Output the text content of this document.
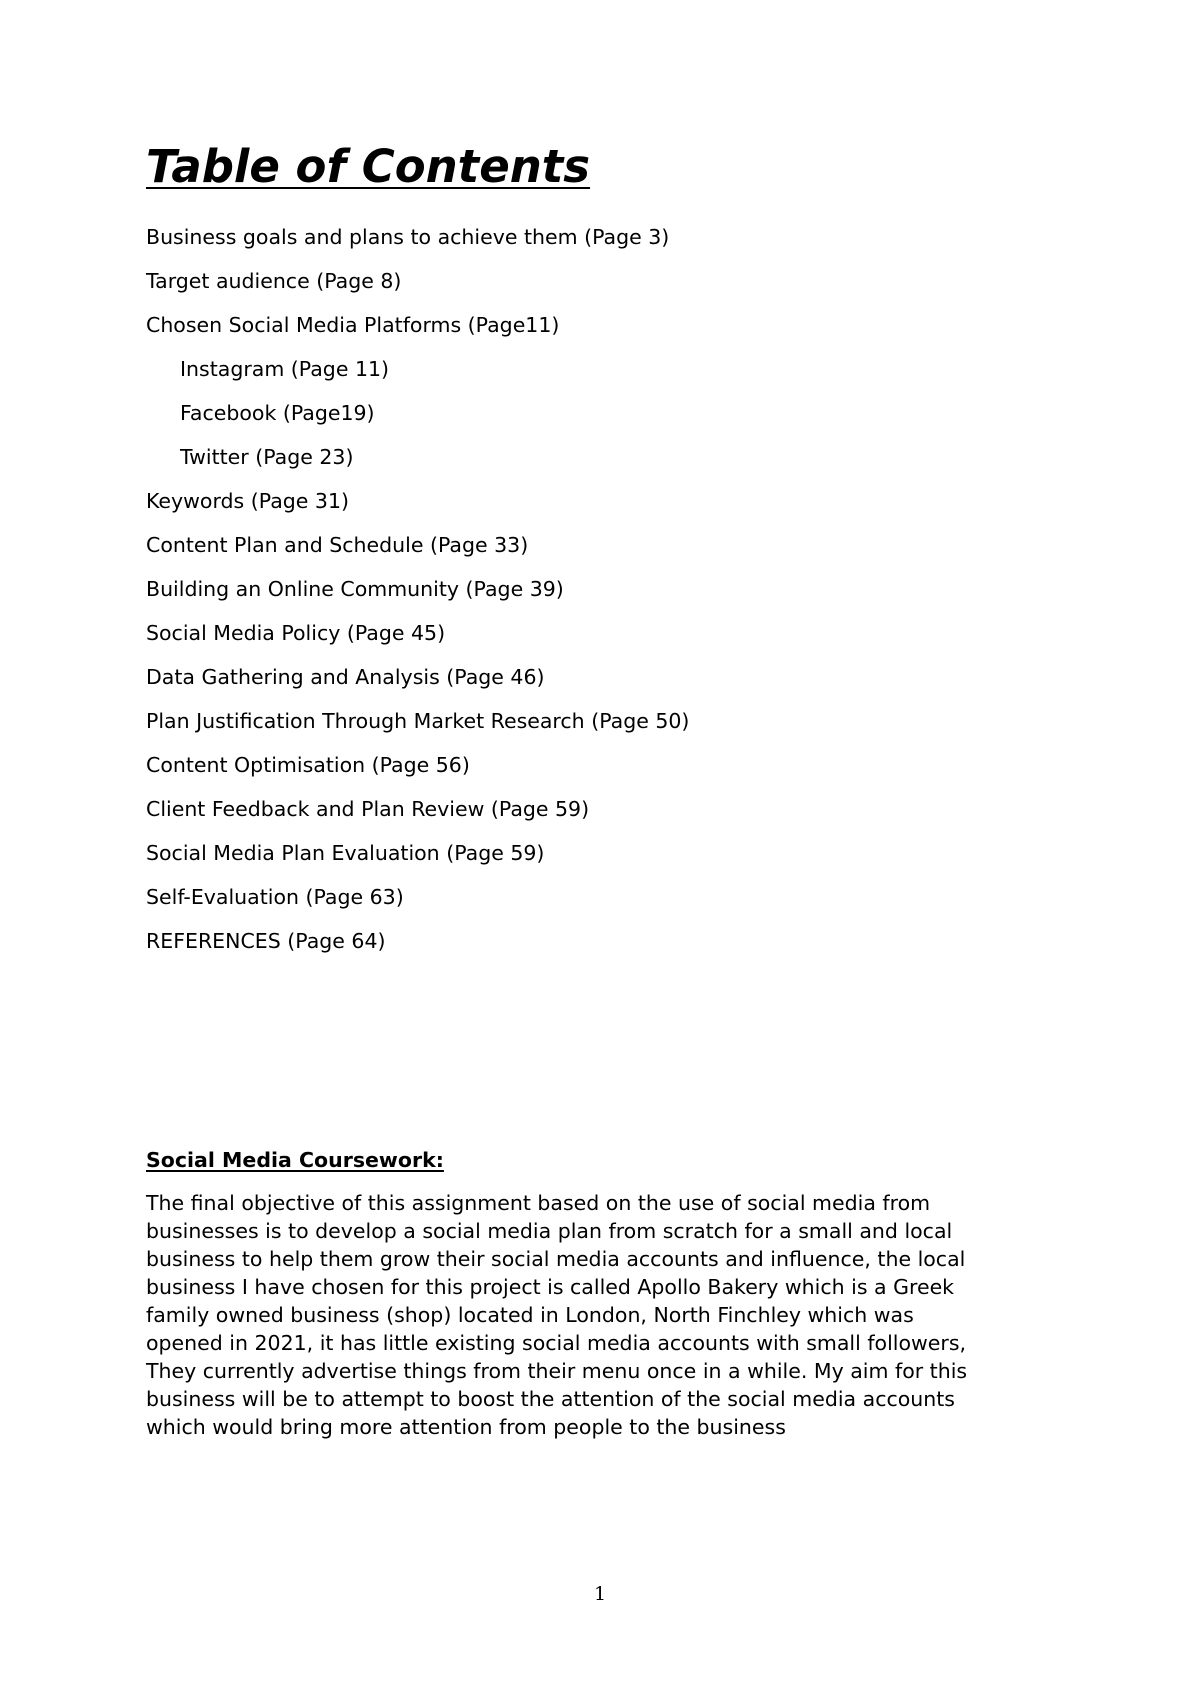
Table of Contents
Business goals and plans to achieve them (Page 3)
Target audience (Page 8)
Chosen Social Media Platforms (Page11)
Instagram (Page 11)
Facebook (Page19)
Twitter (Page 23)
Keywords (Page 31)
Content Plan and Schedule (Page 33)
Building an Online Community (Page 39)
Social Media Policy (Page 45)
Data Gathering and Analysis (Page 46)
Plan Justification Through Market Research (Page 50)
Content Optimisation (Page 56)
Client Feedback and Plan Review (Page 59)
Social Media Plan Evaluation (Page 59)
Self-Evaluation (Page 63)
REFERENCES (Page 64)
Social Media Coursework:

The final objective of this assignment based on the use of social media from
businesses is to develop a social media plan from scratch for a small and local
business to help them grow their social media accounts and influence, the local
business I have chosen for this project is called Apollo Bakery which is a Greek
family owned business (shop) located in London, North Finchley which was
opened in 2021, it has little existing social media accounts with small followers,
They currently advertise things from their menu once in a while. My aim for this
business will be to attempt to boost the attention of the social media accounts
which would bring more attention from people to the business

1
